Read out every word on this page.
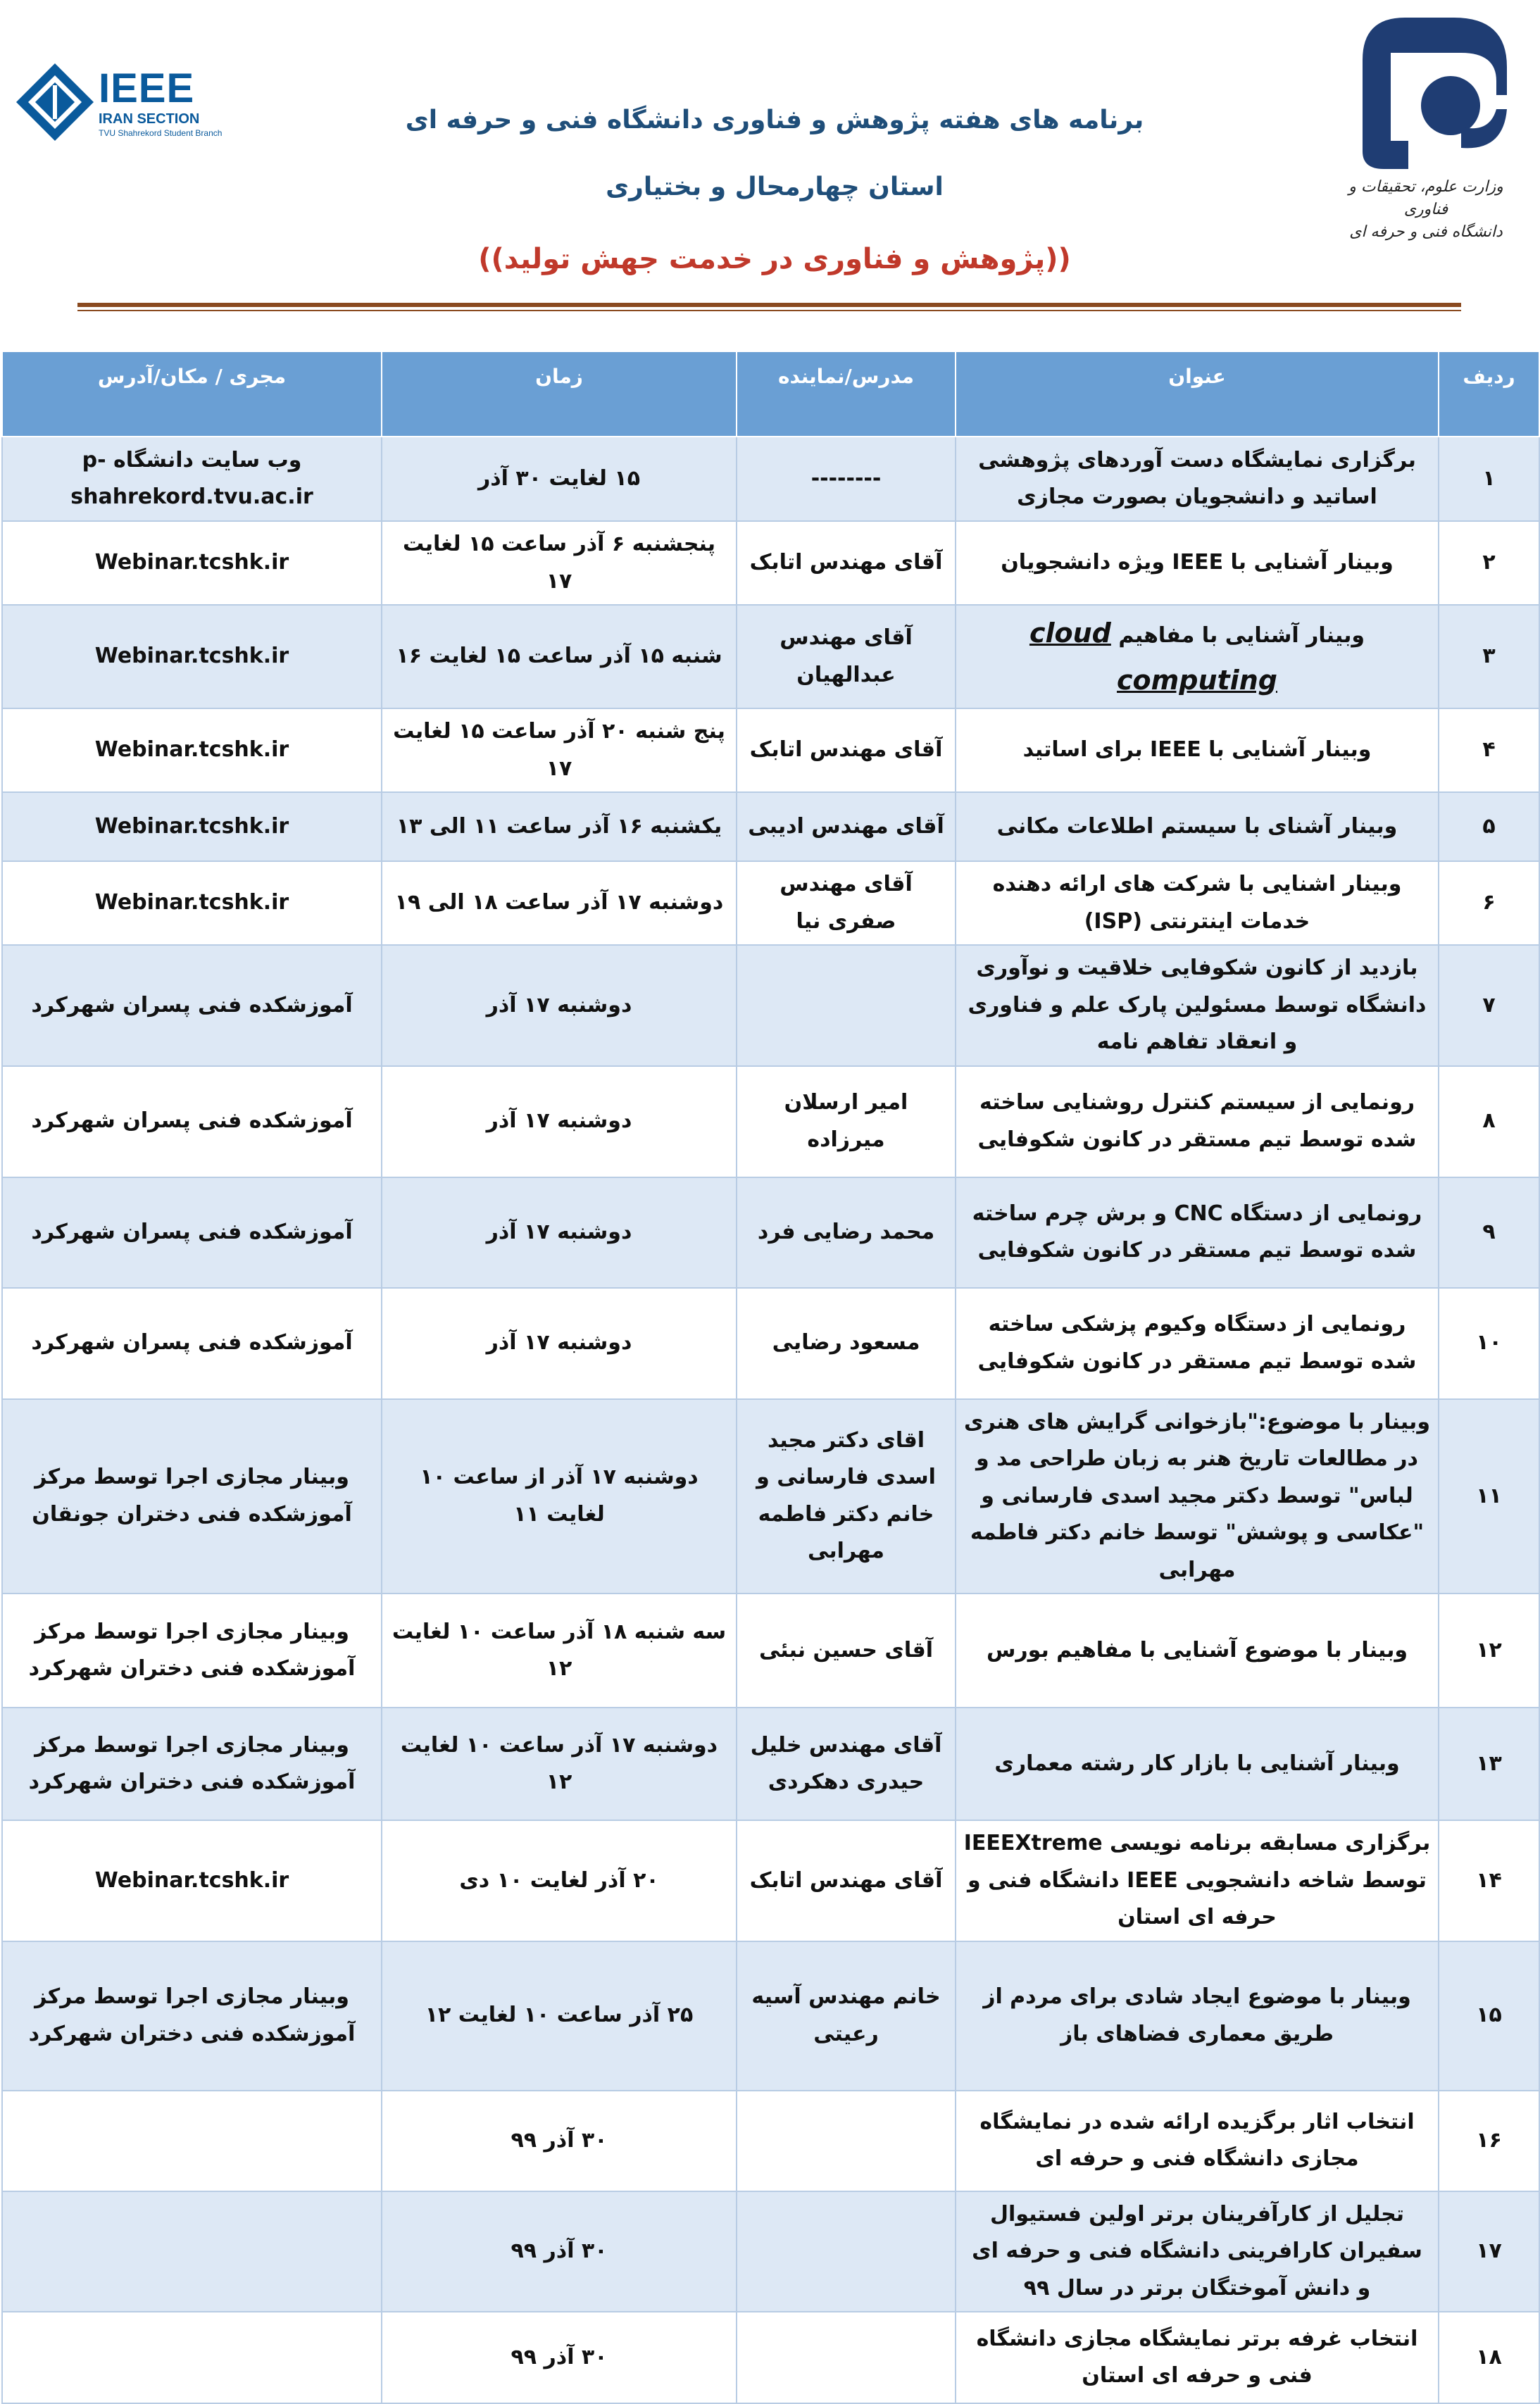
IEEE
IRAN SECTION
TVU Shahrekord Student Branch
وزارت علوم، تحقیقات و فناوری
دانشگاه فنی و حرفه ای
برنامه های هفته پژوهش و فناوری دانشگاه فنی و حرفه ای
استان چهارمحال و بختیاری
((پژوهش و فناوری در خدمت جهش تولید))
ردیف	عنوان	مدرس/نماینده	زمان	مجری / مکان/آدرس
۱	برگزاری نمایشگاه دست آوردهای پژوهشی اساتید و دانشجویان بصورت مجازی	--------	۱۵ لغایت ۳۰ آذر	وب سایت دانشگاه p-shahrekord.tvu.ac.ir
۲	وبینار آشنایی با IEEE ویژه دانشجویان	آقای مهندس اتابک	پنجشنبه ۶ آذر ساعت ۱۵ لغایت ۱۷	Webinar.tcshk.ir
۳	وبینار آشنایی با مفاهیم cloud computing	آقای مهندس عبدالهیان	شنبه ۱۵ آذر ساعت ۱۵ لغایت ۱۶	Webinar.tcshk.ir
۴	وبینار آشنایی با IEEE برای اساتید	آقای مهندس اتابک	پنج شنبه ۲۰ آذر ساعت ۱۵ لغایت ۱۷	Webinar.tcshk.ir
۵	وبینار آشنای با سیستم اطلاعات مکانی	آقای مهندس ادیبی	یکشنبه ۱۶ آذر ساعت ۱۱ الی ۱۳	Webinar.tcshk.ir
۶	وبینار اشنایی با شرکت های ارائه دهنده خدمات اینترنتی (ISP)	آقای مهندس صفری نیا	دوشنبه ۱۷ آذر ساعت ۱۸ الی ۱۹	Webinar.tcshk.ir
۷	بازدید از کانون شکوفایی خلاقیت و نوآوری دانشگاه توسط مسئولین پارک علم و فناوری و انعقاد تفاهم نامه		دوشنبه ۱۷ آذر	آموزشکده فنی پسران شهرکرد
۸	رونمایی از سیستم کنترل روشنایی ساخته شده توسط تیم مستقر در کانون شکوفایی	امیر ارسلان میرزاده	دوشنبه ۱۷ آذر	آموزشکده فنی پسران شهرکرد
۹	رونمایی از دستگاه CNC و برش چرم ساخته شده توسط تیم مستقر در کانون شکوفایی	محمد رضایی فرد	دوشنبه ۱۷ آذر	آموزشکده فنی پسران شهرکرد
۱۰	رونمایی از دستگاه وکیوم پزشکی ساخته شده توسط تیم مستقر در کانون شکوفایی	مسعود رضایی	دوشنبه ۱۷ آذر	آموزشکده فنی پسران شهرکرد
۱۱	وبینار با موضوع:"بازخوانی گرایش های هنری در مطالعات تاریخ هنر به زبان طراحی مد و لباس" توسط دکتر مجید اسدی فارسانی و "عکاسی و پوشش" توسط خانم دکتر فاطمه مهرابی	اقای دکتر مجید اسدی فارسانی و خانم دکتر فاطمه مهرابی	دوشنبه ۱۷ آذر از ساعت ۱۰ لغایت ۱۱	وبینار مجازی اجرا توسط مرکز آموزشکده فنی دختران جونقان
۱۲	وبینار با موضوع آشنایی با مفاهیم بورس	آقای حسین نبئی	سه شنبه ۱۸ آذر ساعت ۱۰ لغایت ۱۲	وبینار مجازی اجرا توسط مرکز آموزشکده فنی دختران شهرکرد
۱۳	وبینار آشنایی با بازار کار رشته معماری	آقای مهندس خلیل حیدری دهکردی	دوشنبه ۱۷ آذر ساعت ۱۰ لغایت ۱۲	وبینار مجازی اجرا توسط مرکز آموزشکده فنی دختران شهرکرد
۱۴	برگزاری مسابقه برنامه نویسی IEEEXtreme توسط شاخه دانشجویی IEEE دانشگاه فنی و حرفه ای استان	آقای مهندس اتابک	۲۰ آذر لغایت ۱۰ دی	Webinar.tcshk.ir
۱۵	وبینار با موضوع ایجاد شادی برای مردم از طریق معماری فضاهای باز	خانم مهندس آسیه رعیتی	۲۵ آذر ساعت ۱۰ لغایت ۱۲	وبینار مجازی اجرا توسط مرکز آموزشکده فنی دختران شهرکرد
۱۶	انتخاب اثار برگزیده ارائه شده در نمایشگاه مجازی دانشگاه فنی و حرفه ای		۳۰ آذر ۹۹	
۱۷	تجلیل از کارآفرینان برتر اولین فستیوال سفیران کارافرینی دانشگاه فنی و حرفه ای و دانش آموختگان برتر در سال ۹۹		۳۰ آذر ۹۹	
۱۸	انتخاب غرفه برتر نمایشگاه مجازی دانشگاه فنی و حرفه ای استان		۳۰ آذر ۹۹	
